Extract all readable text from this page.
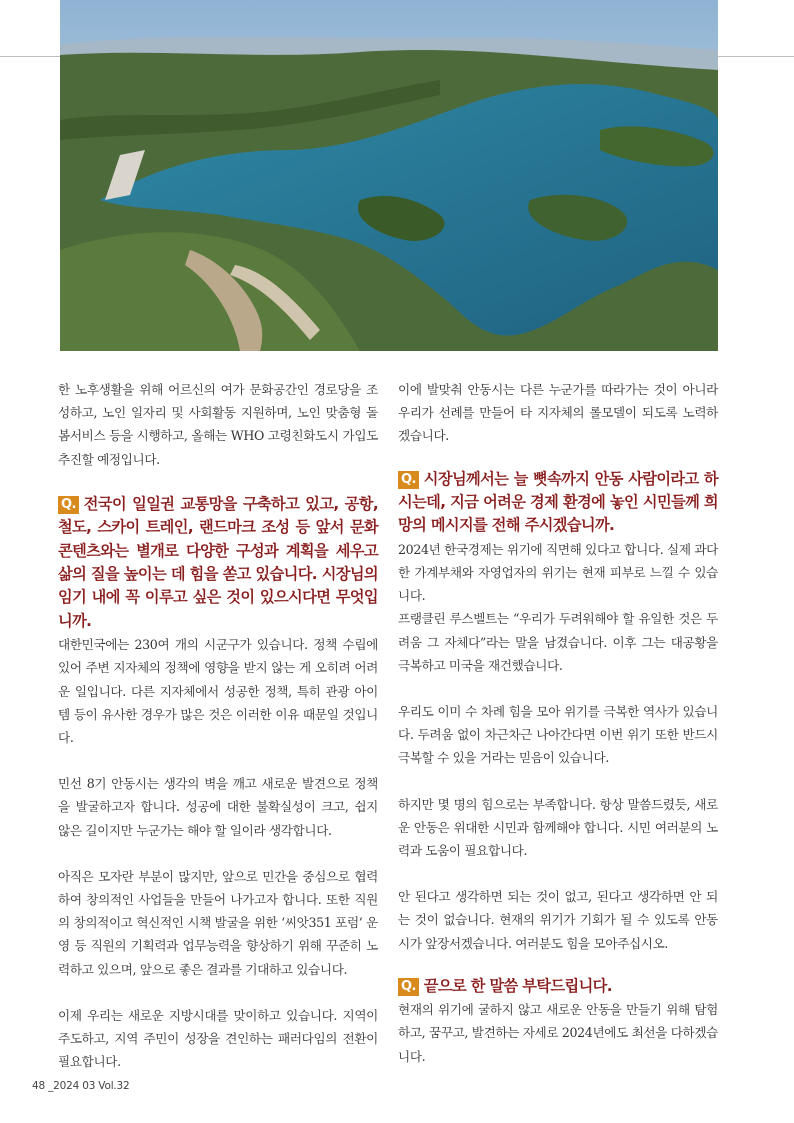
한 노후생활을 위해 어르신의 여가 문화공간인 경로당을 조성하고, 노인 일자리 및 사회활동 지원하며, 노인 맞춤형 돌봄서비스 등을 시행하고, 올해는 WHO 고령친화도시 가입도 추진할 예정입니다.

Q. 전국이 일일권 교통망을 구축하고 있고, 공항, 철도, 스카이 트레인, 랜드마크 조성 등 앞서 문화 콘텐츠와는 별개로 다양한 구성과 계획을 세우고 삶의 질을 높이는 데 힘을 쏟고 있습니다. 시장님의 임기 내에 꼭 이루고 싶은 것이 있으시다면 무엇입니까.

대한민국에는 230여 개의 시군구가 있습니다. 정책 수립에 있어 주변 지자체의 정책에 영향을 받지 않는 게 오히려 어려운 일입니다. 다른 지자체에서 성공한 정책, 특히 관광 아이템 등이 유사한 경우가 많은 것은 이러한 이유 때문일 것입니다.

민선 8기 안동시는 생각의 벽을 깨고 새로운 발견으로 정책을 발굴하고자 합니다. 성공에 대한 불확실성이 크고, 쉽지 않은 길이지만 누군가는 해야 할 일이라 생각합니다.

아직은 모자란 부분이 많지만, 앞으로 민간을 중심으로 협력하여 창의적인 사업들을 만들어 나가고자 합니다. 또한 직원의 창의적이고 혁신적인 시책 발굴을 위한 ‘씨앗351 포럼’ 운영 등 직원의 기획력과 업무능력을 향상하기 위해 꾸준히 노력하고 있으며, 앞으로 좋은 결과를 기대하고 있습니다.

이제 우리는 새로운 지방시대를 맞이하고 있습니다. 지역이 주도하고, 지역 주민이 성장을 견인하는 패러다임의 전환이 필요합니다.

이에 발맞춰 안동시는 다른 누군가를 따라가는 것이 아니라 우리가 선례를 만들어 타 지자체의 롤모델이 되도록 노력하겠습니다.

Q. 시장님께서는 늘 뼛속까지 안동 사람이라고 하시는데, 지금 어려운 경제 환경에 놓인 시민들께 희망의 메시지를 전해 주시겠습니까.

2024년 한국경제는 위기에 직면해 있다고 합니다. 실제 과다한 가계부채와 자영업자의 위기는 현재 피부로 느낄 수 있습니다.

프랭클린 루스벨트는 “우리가 두려워해야 할 유일한 것은 두려움 그 자체다”라는 말을 남겼습니다. 이후 그는 대공황을 극복하고 미국을 재건했습니다.

우리도 이미 수 차례 힘을 모아 위기를 극복한 역사가 있습니다. 두려움 없이 차근차근 나아간다면 이번 위기 또한 반드시 극복할 수 있을 거라는 믿음이 있습니다.

하지만 몇 명의 힘으로는 부족합니다. 항상 말씀드렸듯, 새로운 안동은 위대한 시민과 함께해야 합니다. 시민 여러분의 노력과 도움이 필요합니다.

안 된다고 생각하면 되는 것이 없고, 된다고 생각하면 안 되는 것이 없습니다. 현재의 위기가 기회가 될 수 있도록 안동시가 앞장서겠습니다. 여러분도 힘을 모아주십시오.

Q. 끝으로 한 말씀 부탁드립니다.

현재의 위기에 굴하지 않고 새로운 안동을 만들기 위해 탐험하고, 꿈꾸고, 발견하는 자세로 2024년에도 최선을 다하겠습니다.

48 _2024 03 Vol.32
